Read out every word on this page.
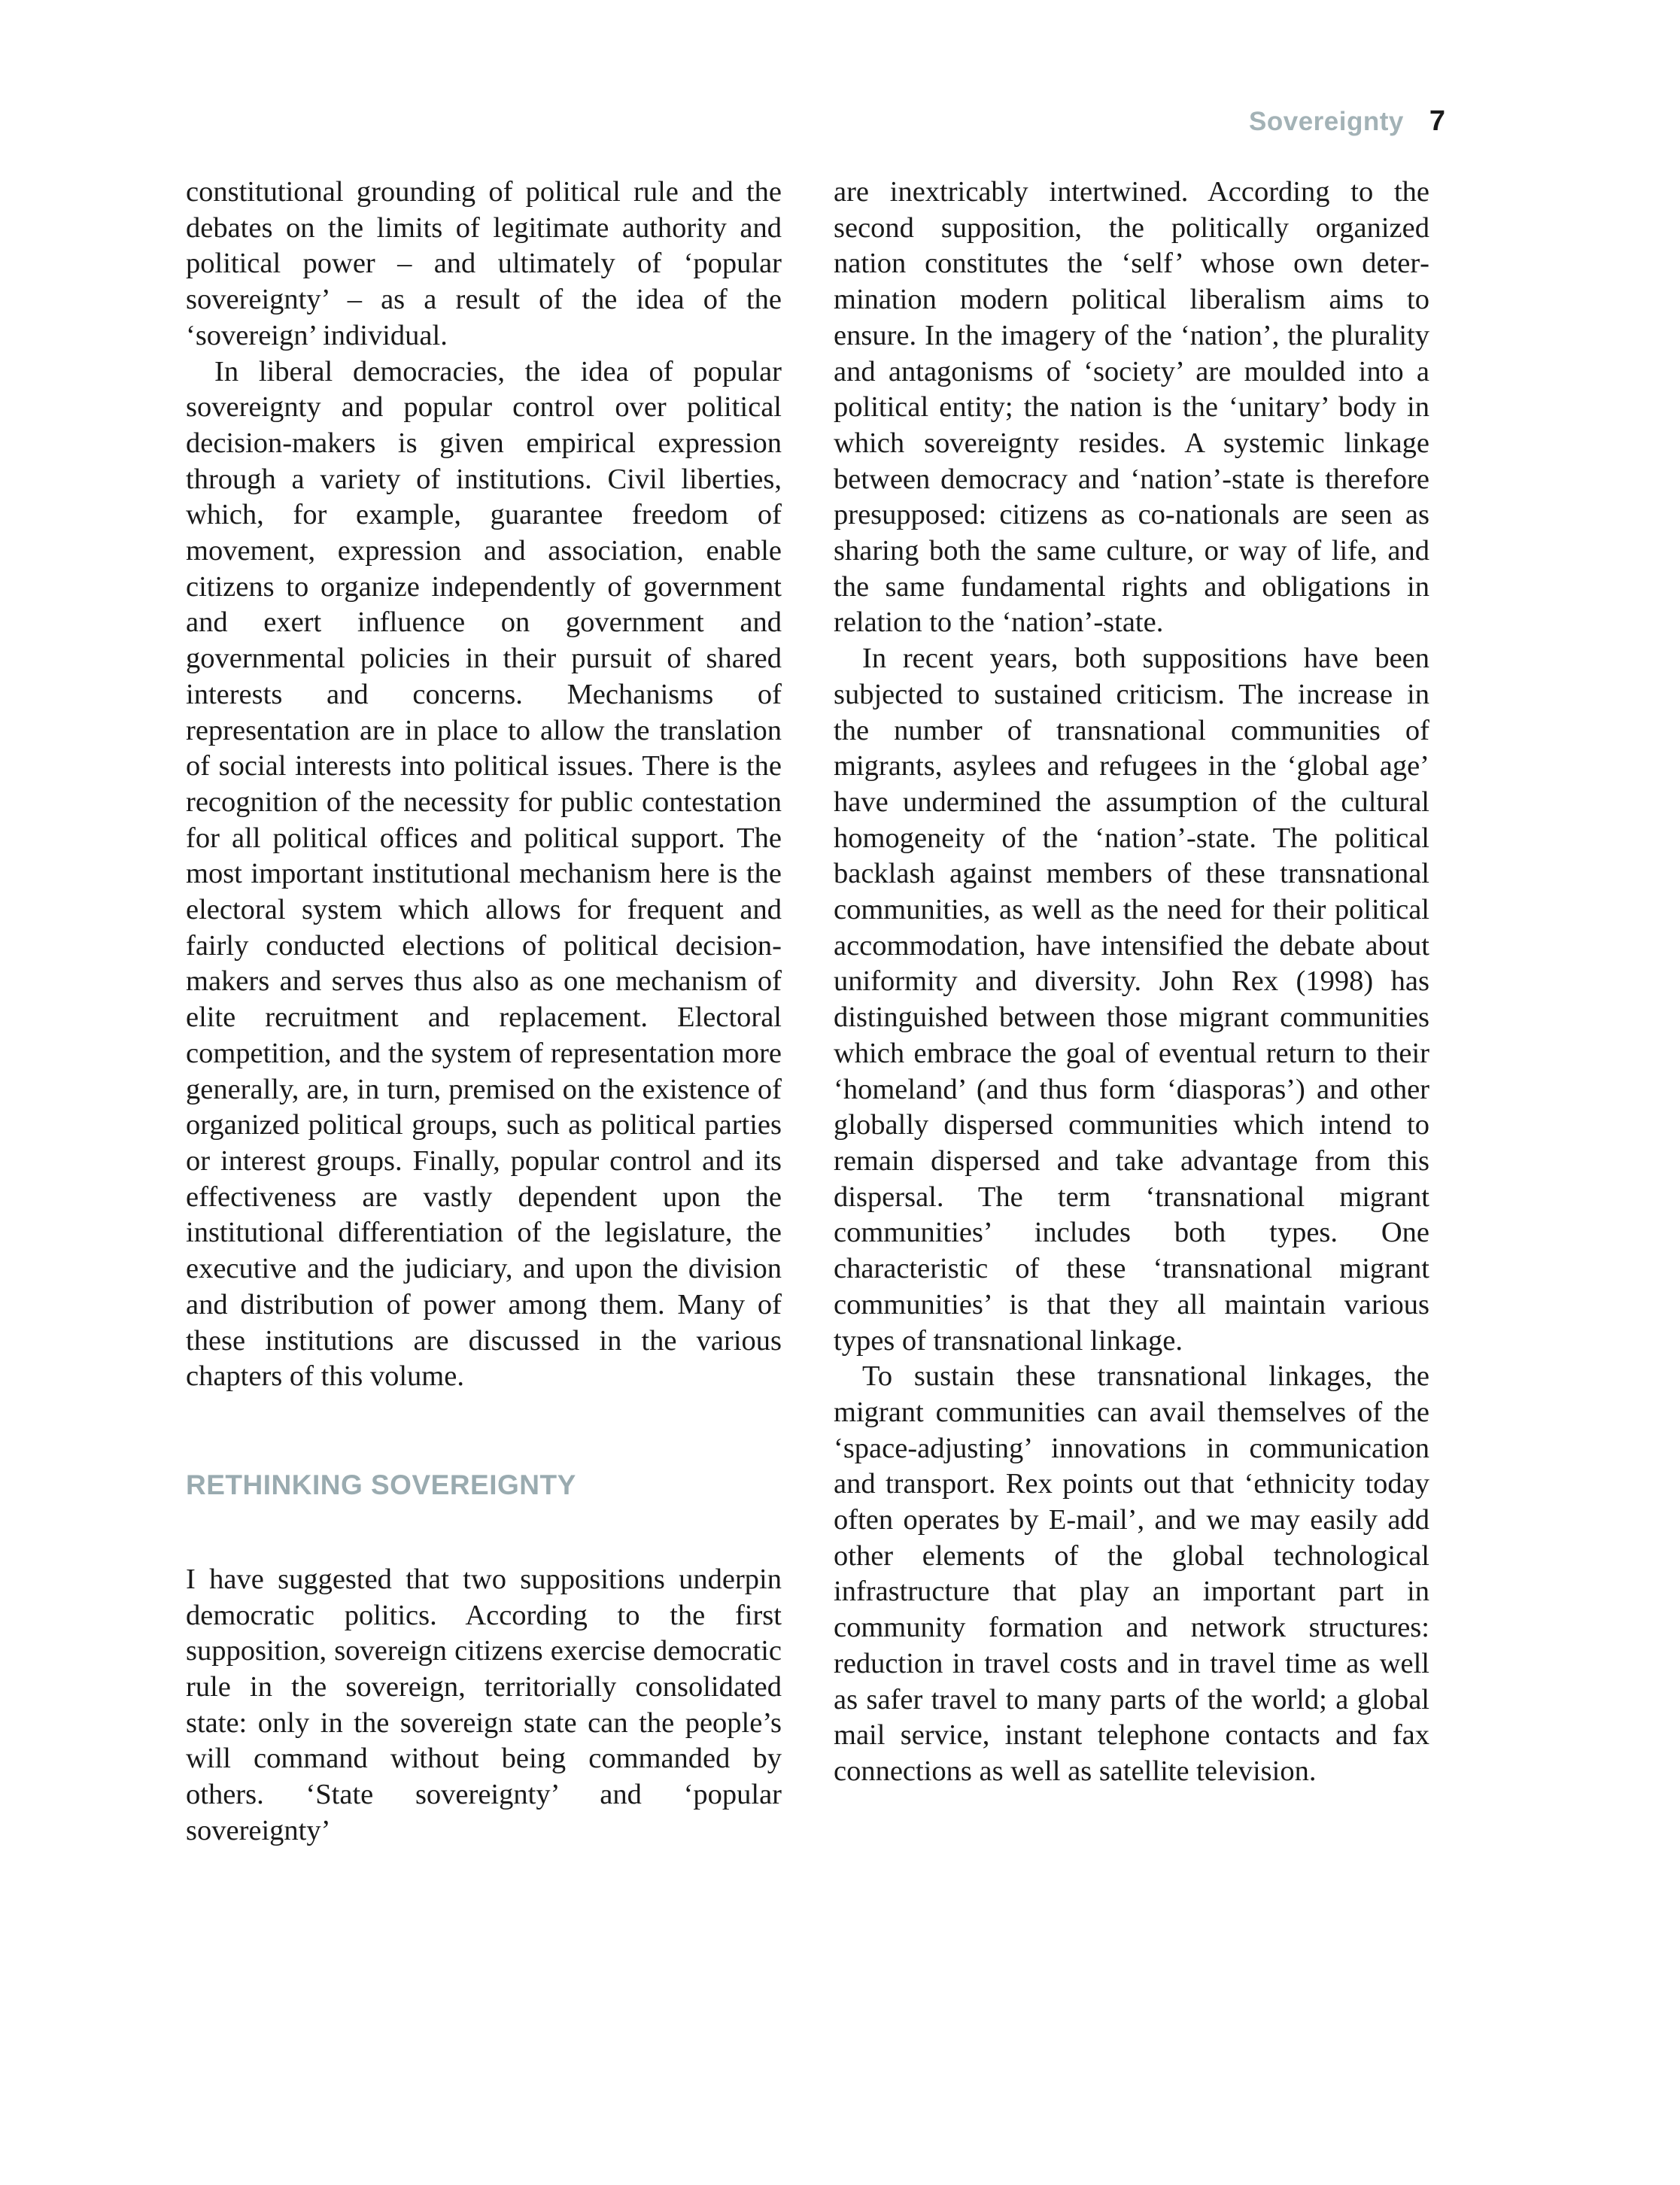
Sovereignty 7

constitutional grounding of political rule and the debates on the limits of legitimate authority and political power – and ultimately of ‘popular sovereignty’ – as a result of the idea of the ‘sovereign’ individual.

In liberal democracies, the idea of popular sovereignty and popular control over political decision-makers is given empirical expression through a variety of institutions. Civil liberties, which, for example, guarantee freedom of movement, expression and association, enable citizens to organize independently of government and exert influence on government and governmental policies in their pursuit of shared interests and concerns. Mechanisms of representation are in place to allow the translation of social interests into political issues. There is the recognition of the necessity for public contestation for all political offices and political support. The most important institutional mechanism here is the electoral system which allows for frequent and fairly conducted elections of political decision-makers and serves thus also as one mechanism of elite recruitment and replacement. Electoral competition, and the system of representation more generally, are, in turn, premised on the existence of organized political groups, such as political parties or interest groups. Finally, popular control and its effectiveness are vastly dependent upon the institutional differentiation of the legislature, the executive and the judiciary, and upon the division and distribution of power among them. Many of these institutions are discussed in the various chapters of this volume.

RETHINKING SOVEREIGNTY

I have suggested that two suppositions underpin democratic politics. According to the first supposition, sovereign citizens exercise democratic rule in the sovereign, territorially consolidated state: only in the sovereign state can the people’s will command without being commanded by others. ‘State sovereignty’ and ‘popular sovereignty’

are inextricably intertwined. According to the second supposition, the politically organized nation constitutes the ‘self’ whose own determination modern political liberalism aims to ensure. In the imagery of the ‘nation’, the plurality and antagonisms of ‘society’ are moulded into a political entity; the nation is the ‘unitary’ body in which sovereignty resides. A systemic linkage between democracy and ‘nation’-state is therefore presupposed: citizens as co-nationals are seen as sharing both the same culture, or way of life, and the same fundamental rights and obligations in relation to the ‘nation’-state.

In recent years, both suppositions have been subjected to sustained criticism. The increase in the number of transnational communities of migrants, asylees and refugees in the ‘global age’ have undermined the assumption of the cultural homogeneity of the ‘nation’-state. The political backlash against members of these transnational communities, as well as the need for their political accommodation, have intensified the debate about uniformity and diversity. John Rex (1998) has distinguished between those migrant communities which embrace the goal of eventual return to their ‘homeland’ (and thus form ‘diasporas’) and other globally dispersed communities which intend to remain dispersed and take advantage from this dispersal. The term ‘transnational migrant communities’ includes both types. One characteristic of these ‘transnational migrant communities’ is that they all maintain various types of transnational linkage.

To sustain these transnational linkages, the migrant communities can avail themselves of the ‘space-adjusting’ innovations in communication and transport. Rex points out that ‘ethnicity today often operates by E-mail’, and we may easily add other elements of the global technological infrastructure that play an important part in community formation and network structures: reduction in travel costs and in travel time as well as safer travel to many parts of the world; a global mail service, instant telephone contacts and fax connections as well as satellite television.
